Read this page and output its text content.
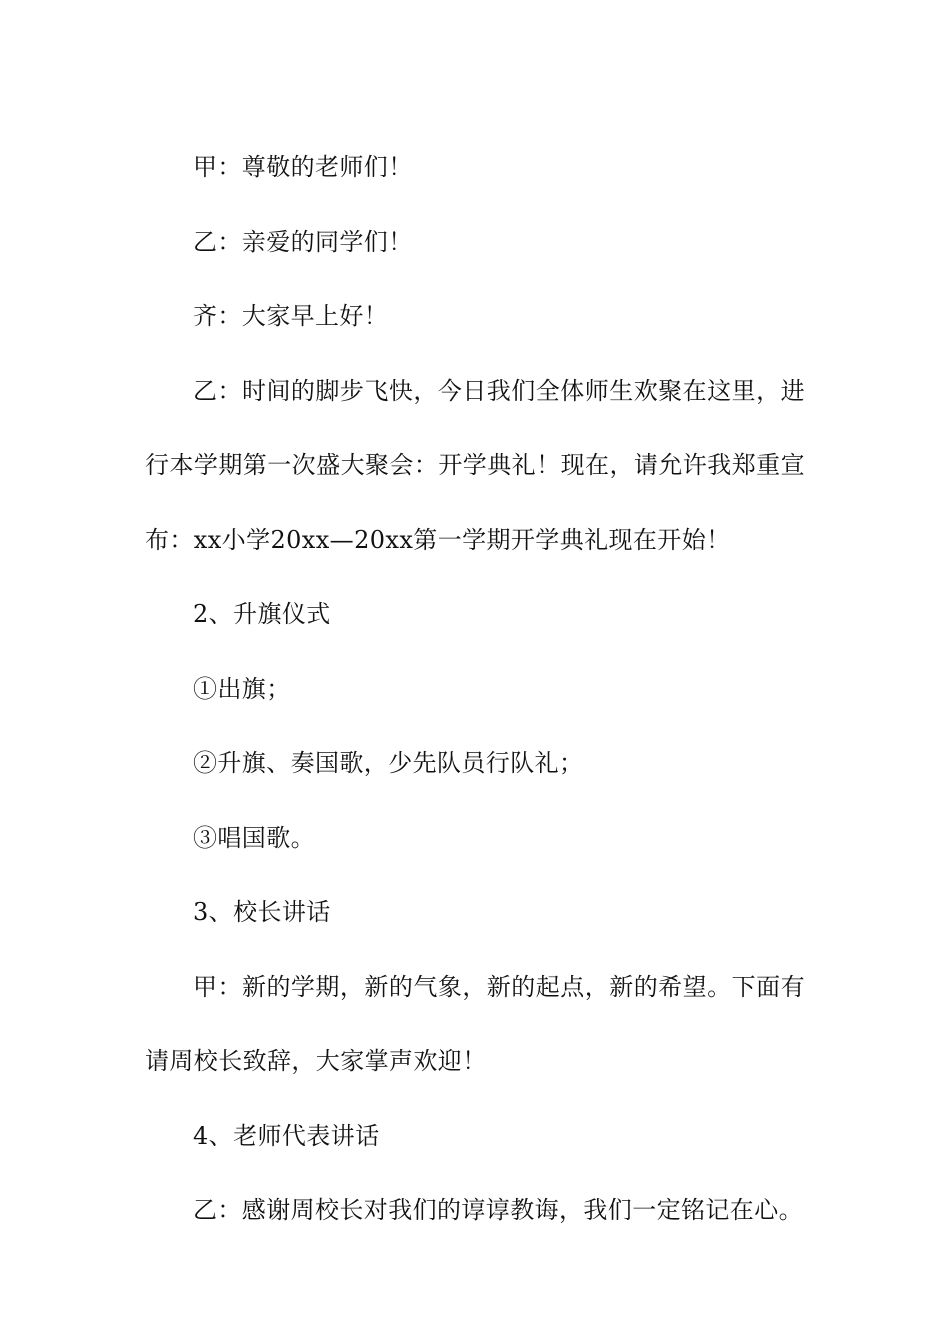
甲：尊敬的老师们！

乙：亲爱的同学们！

齐：大家早上好！

乙：时间的脚步飞快，今日我们全体师生欢聚在这里，进行本学期第一次盛大聚会：开学典礼！现在，请允许我郑重宣布：xx小学20xx—20xx第一学期开学典礼现在开始！

2、升旗仪式

①出旗；

②升旗、奏国歌，少先队员行队礼；

③唱国歌。

3、校长讲话

甲：新的学期，新的气象，新的起点，新的希望。下面有请周校长致辞，大家掌声欢迎！

4、老师代表讲话

乙：感谢周校长对我们的谆谆教诲，我们一定铭记在心。
